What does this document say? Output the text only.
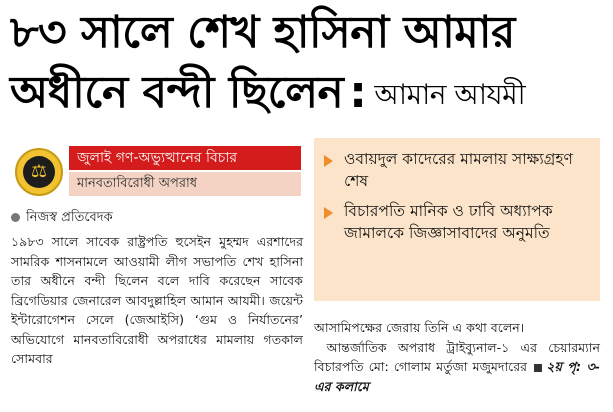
৮৩ সালে শেখ হাসিনা আমার
অধীনে বন্দী ছিলেন : আমান আযমী
⚖
জুলাই গণ-অভ্যুত্থানের বিচার
মানবতাবিরোধী অপরাধ
নিজস্ব প্রতিবেদক

১৯৮৩ সালে সাবেক রাষ্ট্রপতি হুসেইন মুহম্মদ এরশাদের সামরিক শাসনামলে আওয়ামী লীগ সভাপতি শেখ হাসিনা তার অধীনে বন্দী ছিলেন বলে দাবি করেছেন সাবেক ব্রিগেডিয়ার জেনারেল আবদুল্লাহিল আমান আযমী। জয়েন্ট ইন্টারোগেশন সেলে (জেআইসি) ‘গুম ও নির্যাতনের’ অভিযোগে মানবতাবিরোধী অপরাধের মামলায় গতকাল সোমবার

ওবায়দুল কাদেরের মামলায় সাক্ষ্যগ্রহণ শেষ
বিচারপতি মানিক ও ঢাবি অধ্যাপক জামালকে জিজ্ঞাসাবাদের অনুমতি

আসামিপক্ষের জেরায় তিনি এ কথা বলেন।

 আন্তর্জাতিক অপরাধ ট্রাইব্যুনাল-১ এর চেয়ারম্যান বিচারপতি মো: গোলাম মর্তুজা মজুমদারের ২য় পৃ: ৩-এর কলামে
